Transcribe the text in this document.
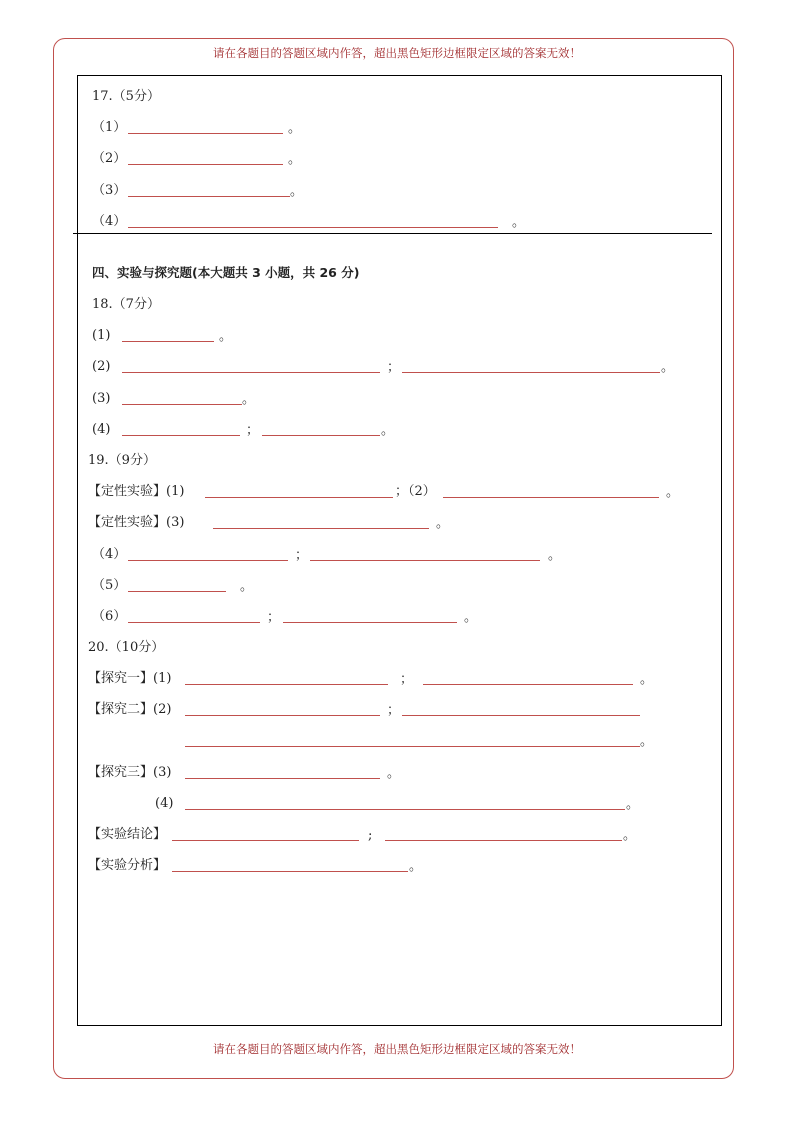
请在各题目的答题区域内作答，超出黑色矩形边框限定区域的答案无效！
请在各题目的答题区域内作答，超出黑色矩形边框限定区域的答案无效！
17.（5分）
（1）	。
（2）	。
（3）	。
（4）	。
四、实验与探究题(本大题共 3 小题，共 26 分)
18.（7分）
(1)	。
(2)	；	。
(3)	。
(4)	；	。
19.（9分）
【定性实验】(1)	；（2）	。
【定性实验】(3)	。
（4）	；	。
（5）	。
（6）	；	。
20.（10分）
【探究一】(1)	；	。
【探究二】(2)	；
。
【探究三】(3)	。
(4)	。
【实验结论】	;	。
【实验分析】	。
